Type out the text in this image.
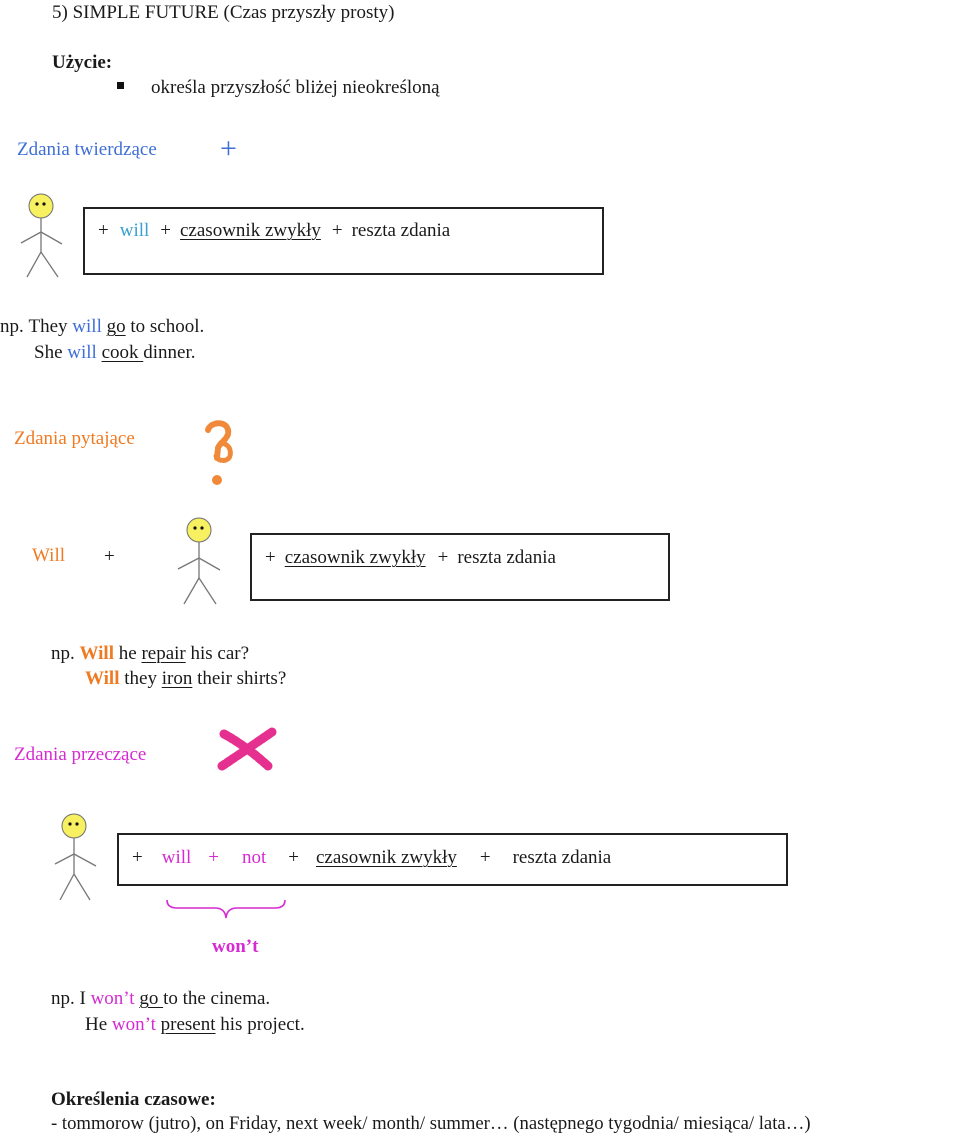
5) SIMPLE FUTURE (Czas przyszły prosty)
Użycie:
określa przyszłość bliżej nieokreśloną
Zdania twierdzące +
+ will + czasownik zwykły + reszta zdania
np.
They
will
go
to school.
She
will
cook dinner.
Zdania pytające
Will +	+ czasownik zwykły + reszta zdania
np.
Will
he
repair
his car?
Will
they
iron
their shirts?
Zdania przeczące
+ will + not + czasownik zwykły + reszta zdania
won’t
np.
I
won’t
go to the cinema.
He
won’t
present
his project.
Określenia czasowe:
- tommorow (jutro), on Friday, next week/ month/ summer… (następnego tygodnia/ miesiąca/ lata…)
